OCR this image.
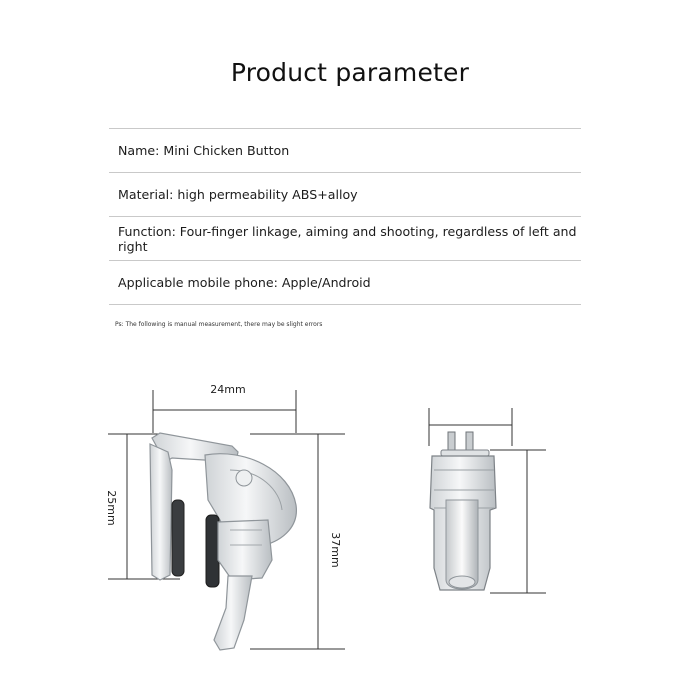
Product parameter
Name: Mini Chicken Button
Material: high permeability ABS+alloy
Function: Four-finger linkage, aiming and shooting, regardless of left and right
Applicable mobile phone: Apple/Android
Ps: The following is manual measurement, there may be slight errors
24mm
25mm
37mm
